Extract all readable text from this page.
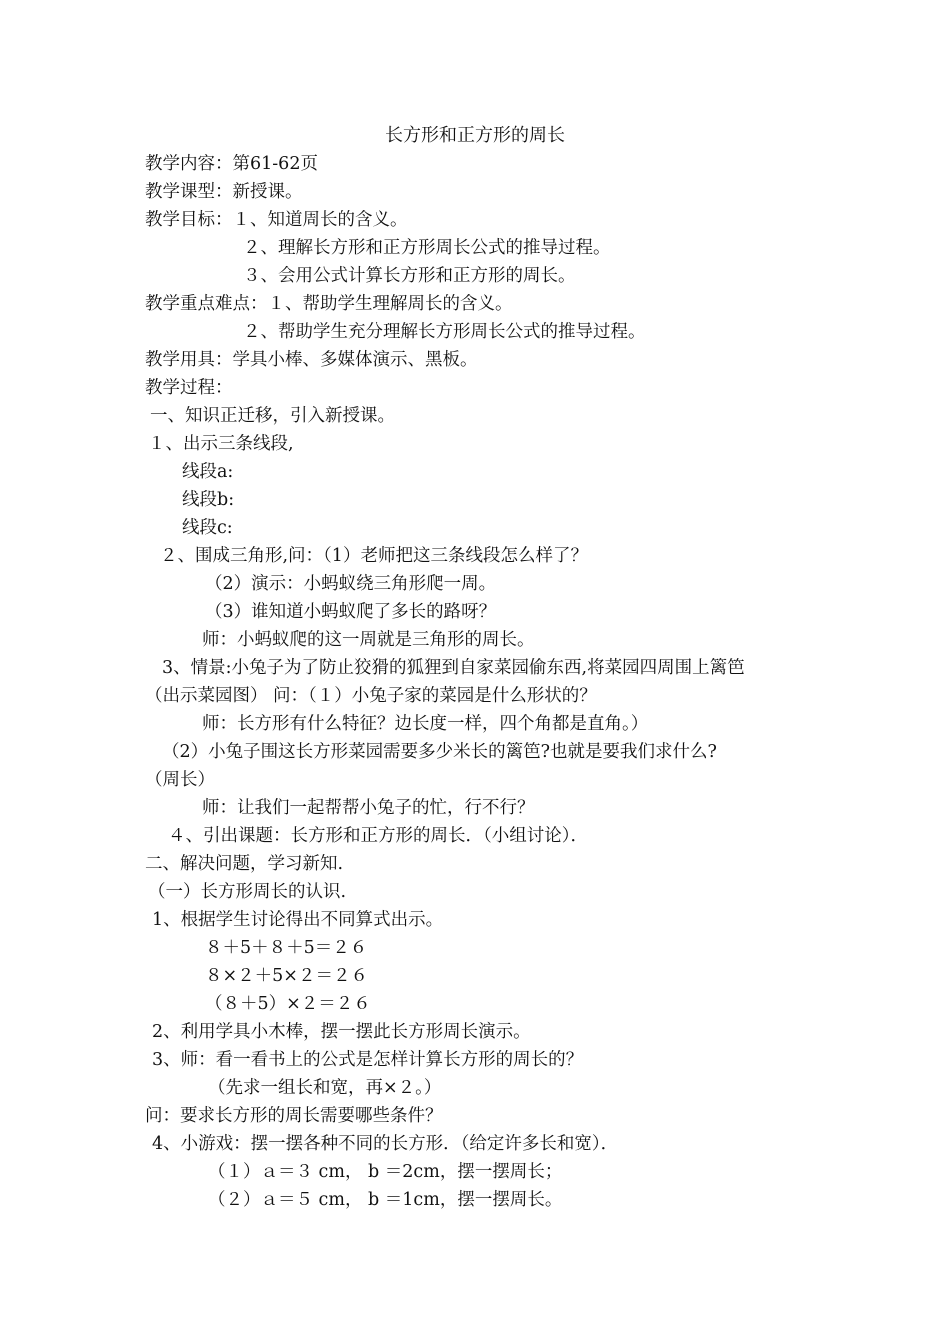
长方形和正方形的周长
教学内容：第61-62页
教学课型：新授课。
教学目标：１、知道周长的含义。
２、理解长方形和正方形周长公式的推导过程。
３、会用公式计算长方形和正方形的周长。
教学重点难点：１、帮助学生理解周长的含义。
２、帮助学生充分理解长方形周长公式的推导过程。
教学用具：学具小棒、多媒体演示、黑板。
教学过程：
一、知识正迁移，引入新授课。
１、出示三条线段,
线段a:
线段b:
线段c:
２、围成三角形,问：（1）老师把这三条线段怎么样了？
（2）演示：小蚂蚁绕三角形爬一周。
（3）谁知道小蚂蚁爬了多长的路呀？
师：小蚂蚁爬的这一周就是三角形的周长。
3、情景:小兔子为了防止狡猾的狐狸到自家菜园偷东西,将菜园四周围上篱笆
（出示菜园图） 问：（１）小兔子家的菜园是什么形状的？
师：长方形有什么特征？边长度一样，四个角都是直角。）
（2）小兔子围这长方形菜园需要多少米长的篱笆?也就是要我们求什么?
（周长）
师：让我们一起帮帮小兔子的忙，行不行？
４、引出课题：长方形和正方形的周长．（小组讨论）．
二、解决问题，学习新知.
（一）长方形周长的认识.
1、根据学生讨论得出不同算式出示。
８＋5＋８＋5＝２６
８×２＋5×２＝２６
（８＋5）×２＝２６
2、利用学具小木棒，摆一摆此长方形周长演示。
3、师：看一看书上的公式是怎样计算长方形的周长的？
（先求一组长和宽，再×２。）
问：要求长方形的周长需要哪些条件？
4、小游戏：摆一摆各种不同的长方形．（给定许多长和宽）．
（１）ａ＝３ cm， b ＝2cm，摆一摆周长；
（２）ａ＝５ cm， b ＝1cm，摆一摆周长。
